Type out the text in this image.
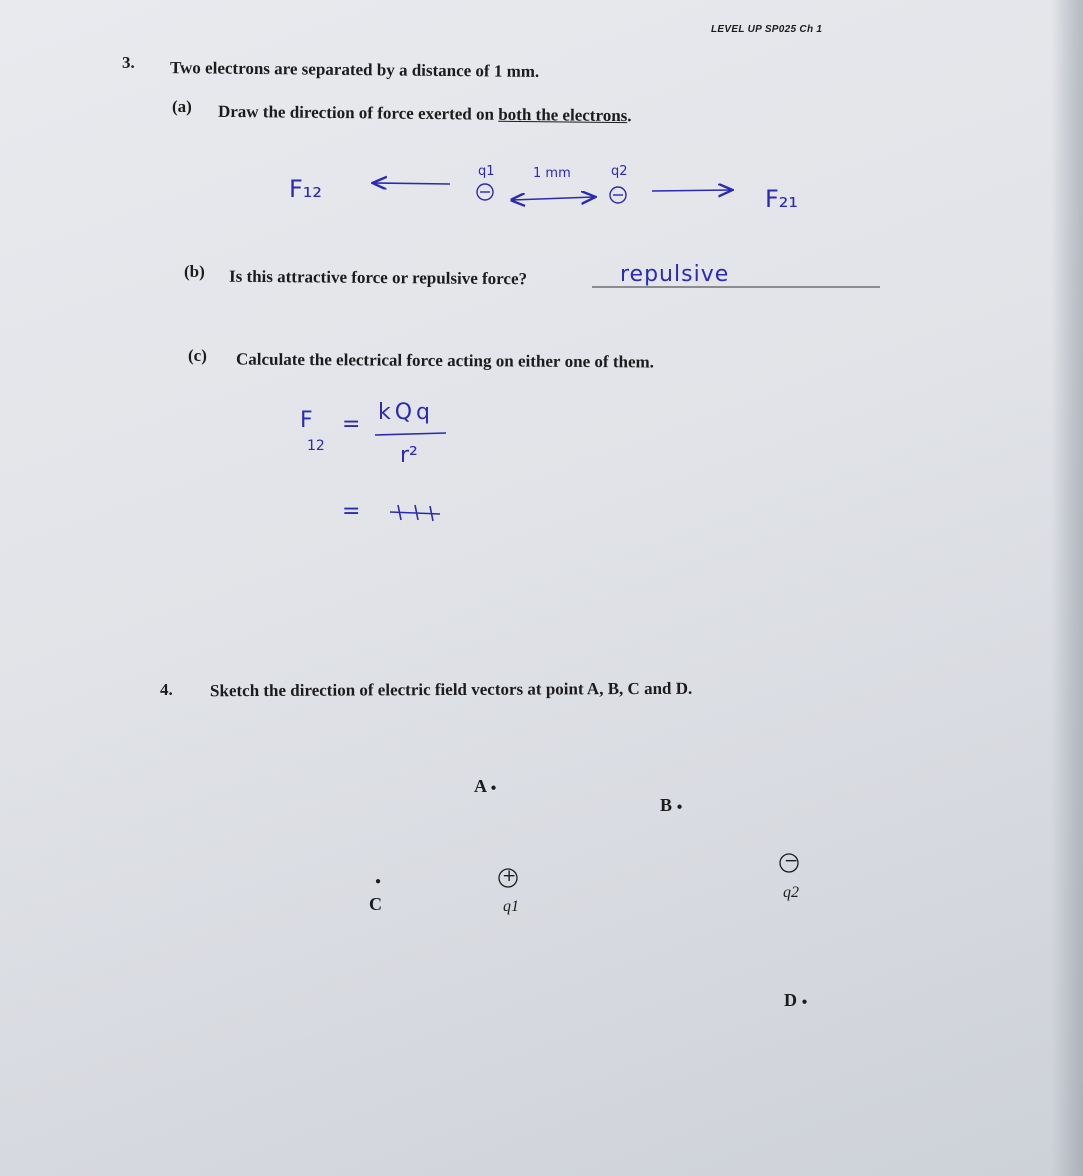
LEVEL UP SP025 Ch 1
3. Two electrons are separated by a distance of 1 mm.
(a) Draw the direction of force exerted on both the electrons.
F₁₂
q1	1 mm	q2
F₂₁
(b) Is this attractive force or repulsive force?	repulsive
(c) Calculate the electrical force acting on either one of them.
F
12
= kQq
r²
=
4. Sketch the direction of electric field vectors at point A, B, C and D.
A ●
B ●
●
C
D ●
+
−
q1
q2
